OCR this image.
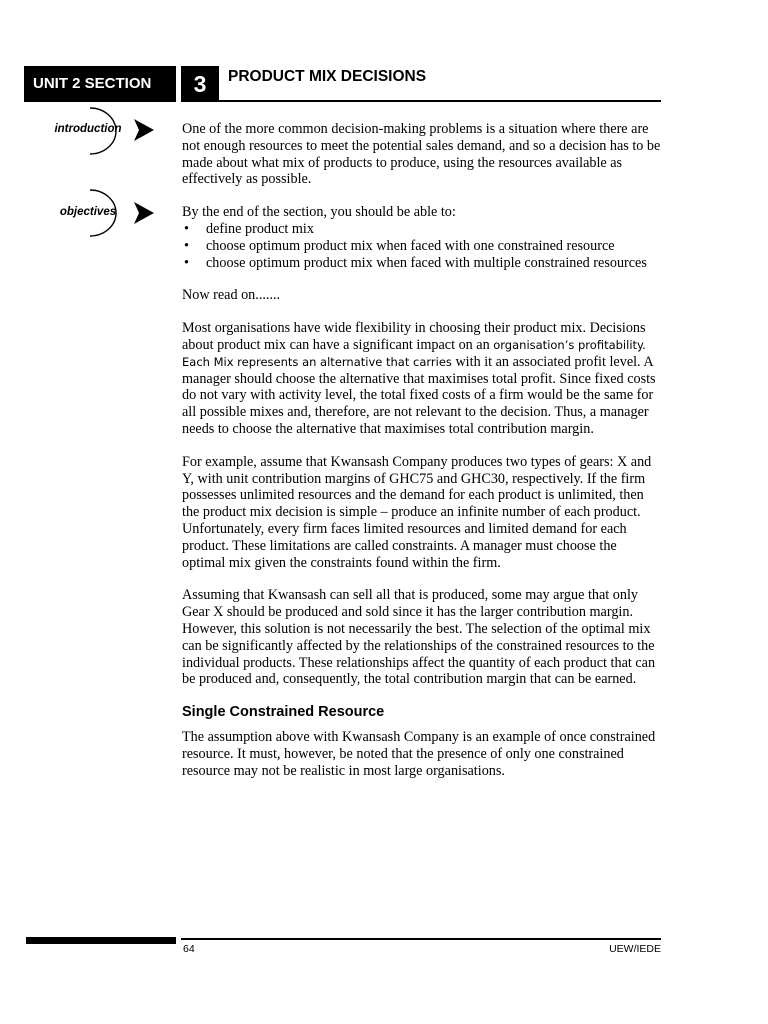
UNIT 2 SECTION	3	PRODUCT MIX DECISIONS
introduction
objectives

One of the more common decision-making problems is a situation where there are not enough resources to meet the potential sales demand, and so a decision has to be made about what mix of products to produce, using the resources available as effectively as possible.

By the end of the section, you should be able to:

• define product mix
• choose optimum product mix when faced with one constrained resource
• choose optimum product mix when faced with multiple constrained resources

Now read on.......

Most organisations have wide flexibility in choosing their product mix. Decisions about product mix can have a significant impact on an organisation’s profitability. Each Mix represents an alternative that carries with it an associated profit level. A manager should choose the alternative that maximises total profit. Since fixed costs do not vary with activity level, the total fixed costs of a firm would be the same for all possible mixes and, therefore, are not relevant to the decision. Thus, a manager needs to choose the alternative that maximises total contribution margin.

For example, assume that Kwansash Company produces two types of gears: X and Y, with unit contribution margins of GHC75 and GHC30, respectively. If the firm possesses unlimited resources and the demand for each product is unlimited, then the product mix decision is simple – produce an infinite number of each product. Unfortunately, every firm faces limited resources and limited demand for each product. These limitations are called constraints. A manager must choose the optimal mix given the constraints found within the firm.

Assuming that Kwansash can sell all that is produced, some may argue that only Gear X should be produced and sold since it has the larger contribution margin. However, this solution is not necessarily the best. The selection of the optimal mix can be significantly affected by the relationships of the constrained resources to the individual products. These relationships affect the quantity of each product that can be produced and, consequently, the total contribution margin that can be earned.

Single Constrained Resource

The assumption above with Kwansash Company is an example of once constrained resource. It must, however, be noted that the presence of only one constrained resource may not be realistic in most large organisations.

64	UEW/IEDE
